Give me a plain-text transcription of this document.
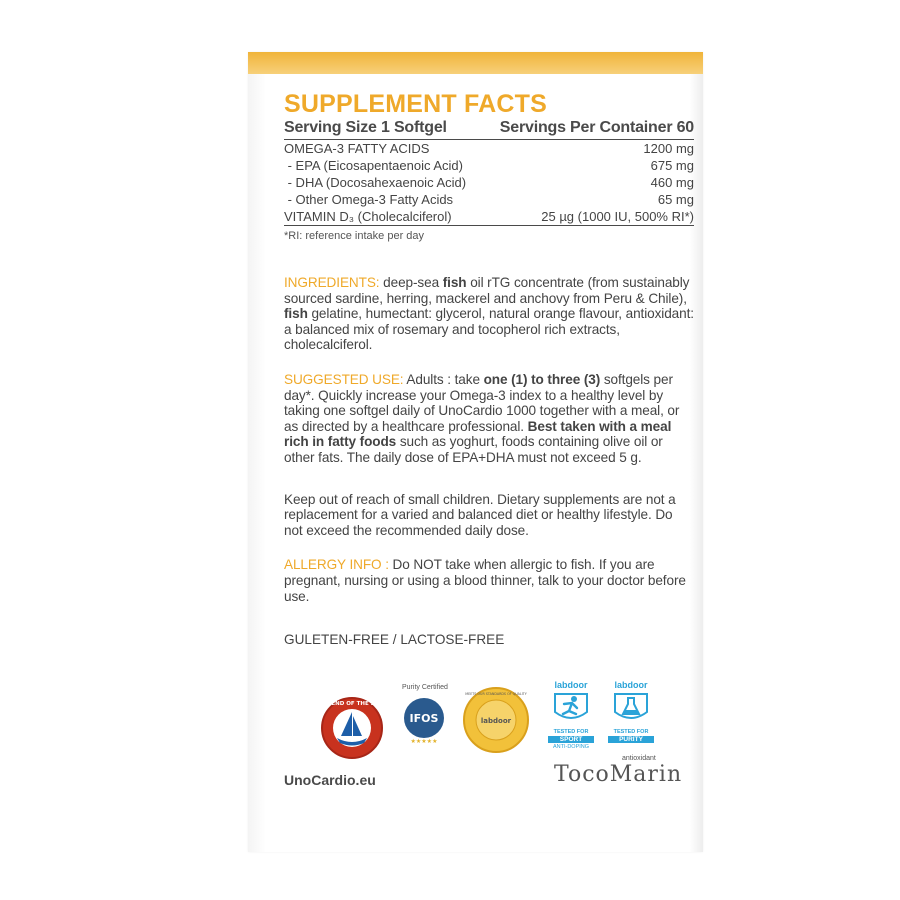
SUPPLEMENT FACTS
Serving Size 1 Softgel	Servings Per Container 60
OMEGA-3 FATTY ACIDS	1200 mg
- EPA (Eicosapentaenoic Acid)	675 mg
- DHA (Docosahexaenoic Acid)	460 mg
- Other Omega-3 Fatty Acids	65 mg
VITAMIN D₃ (Cholecalciferol)	25 µg (1000 IU, 500% RI*)
*RI: reference intake per day

INGREDIENTS: deep-sea fish oil rTG concentrate (from sustainably sourced sardine, herring, mackerel and anchovy from Peru & Chile), fish gelatine, humectant: glycerol, natural orange flavour, antioxidant: a balanced mix of rosemary and tocopherol rich extracts, cholecalciferol.

SUGGESTED USE: Adults : take one (1) to three (3) softgels per day*. Quickly increase your Omega-3 index to a healthy level by taking one softgel daily of UnoCardio 1000 together with a meal, or as directed by a healthcare professional. Best taken with a meal rich in fatty foods such as yoghurt, foods containing olive oil or other fats. The daily dose of EPA+DHA must not exceed 5 g.

Keep out of reach of small children. Dietary supplements are not a replacement for a varied and balanced diet or healthy lifestyle. Do not exceed the recommended daily dose.

ALLERGY INFO : Do NOT take when allergic to fish. If you are pregnant, nursing or using a blood thinner, talk to your doctor before use.

GULETEN-FREE / LACTOSE-FREE
FRIEND OF THE SEA
Purity Certified
IFOS
★★★★★
labdoor
MEETS OUR STANDARDS OF QUALITY
labdoor
TESTED FOR
SPORT
ANTI-DOPING
labdoor
TESTED FOR
PURITY
UnoCardio.eu
antioxidant
TocoMarin
